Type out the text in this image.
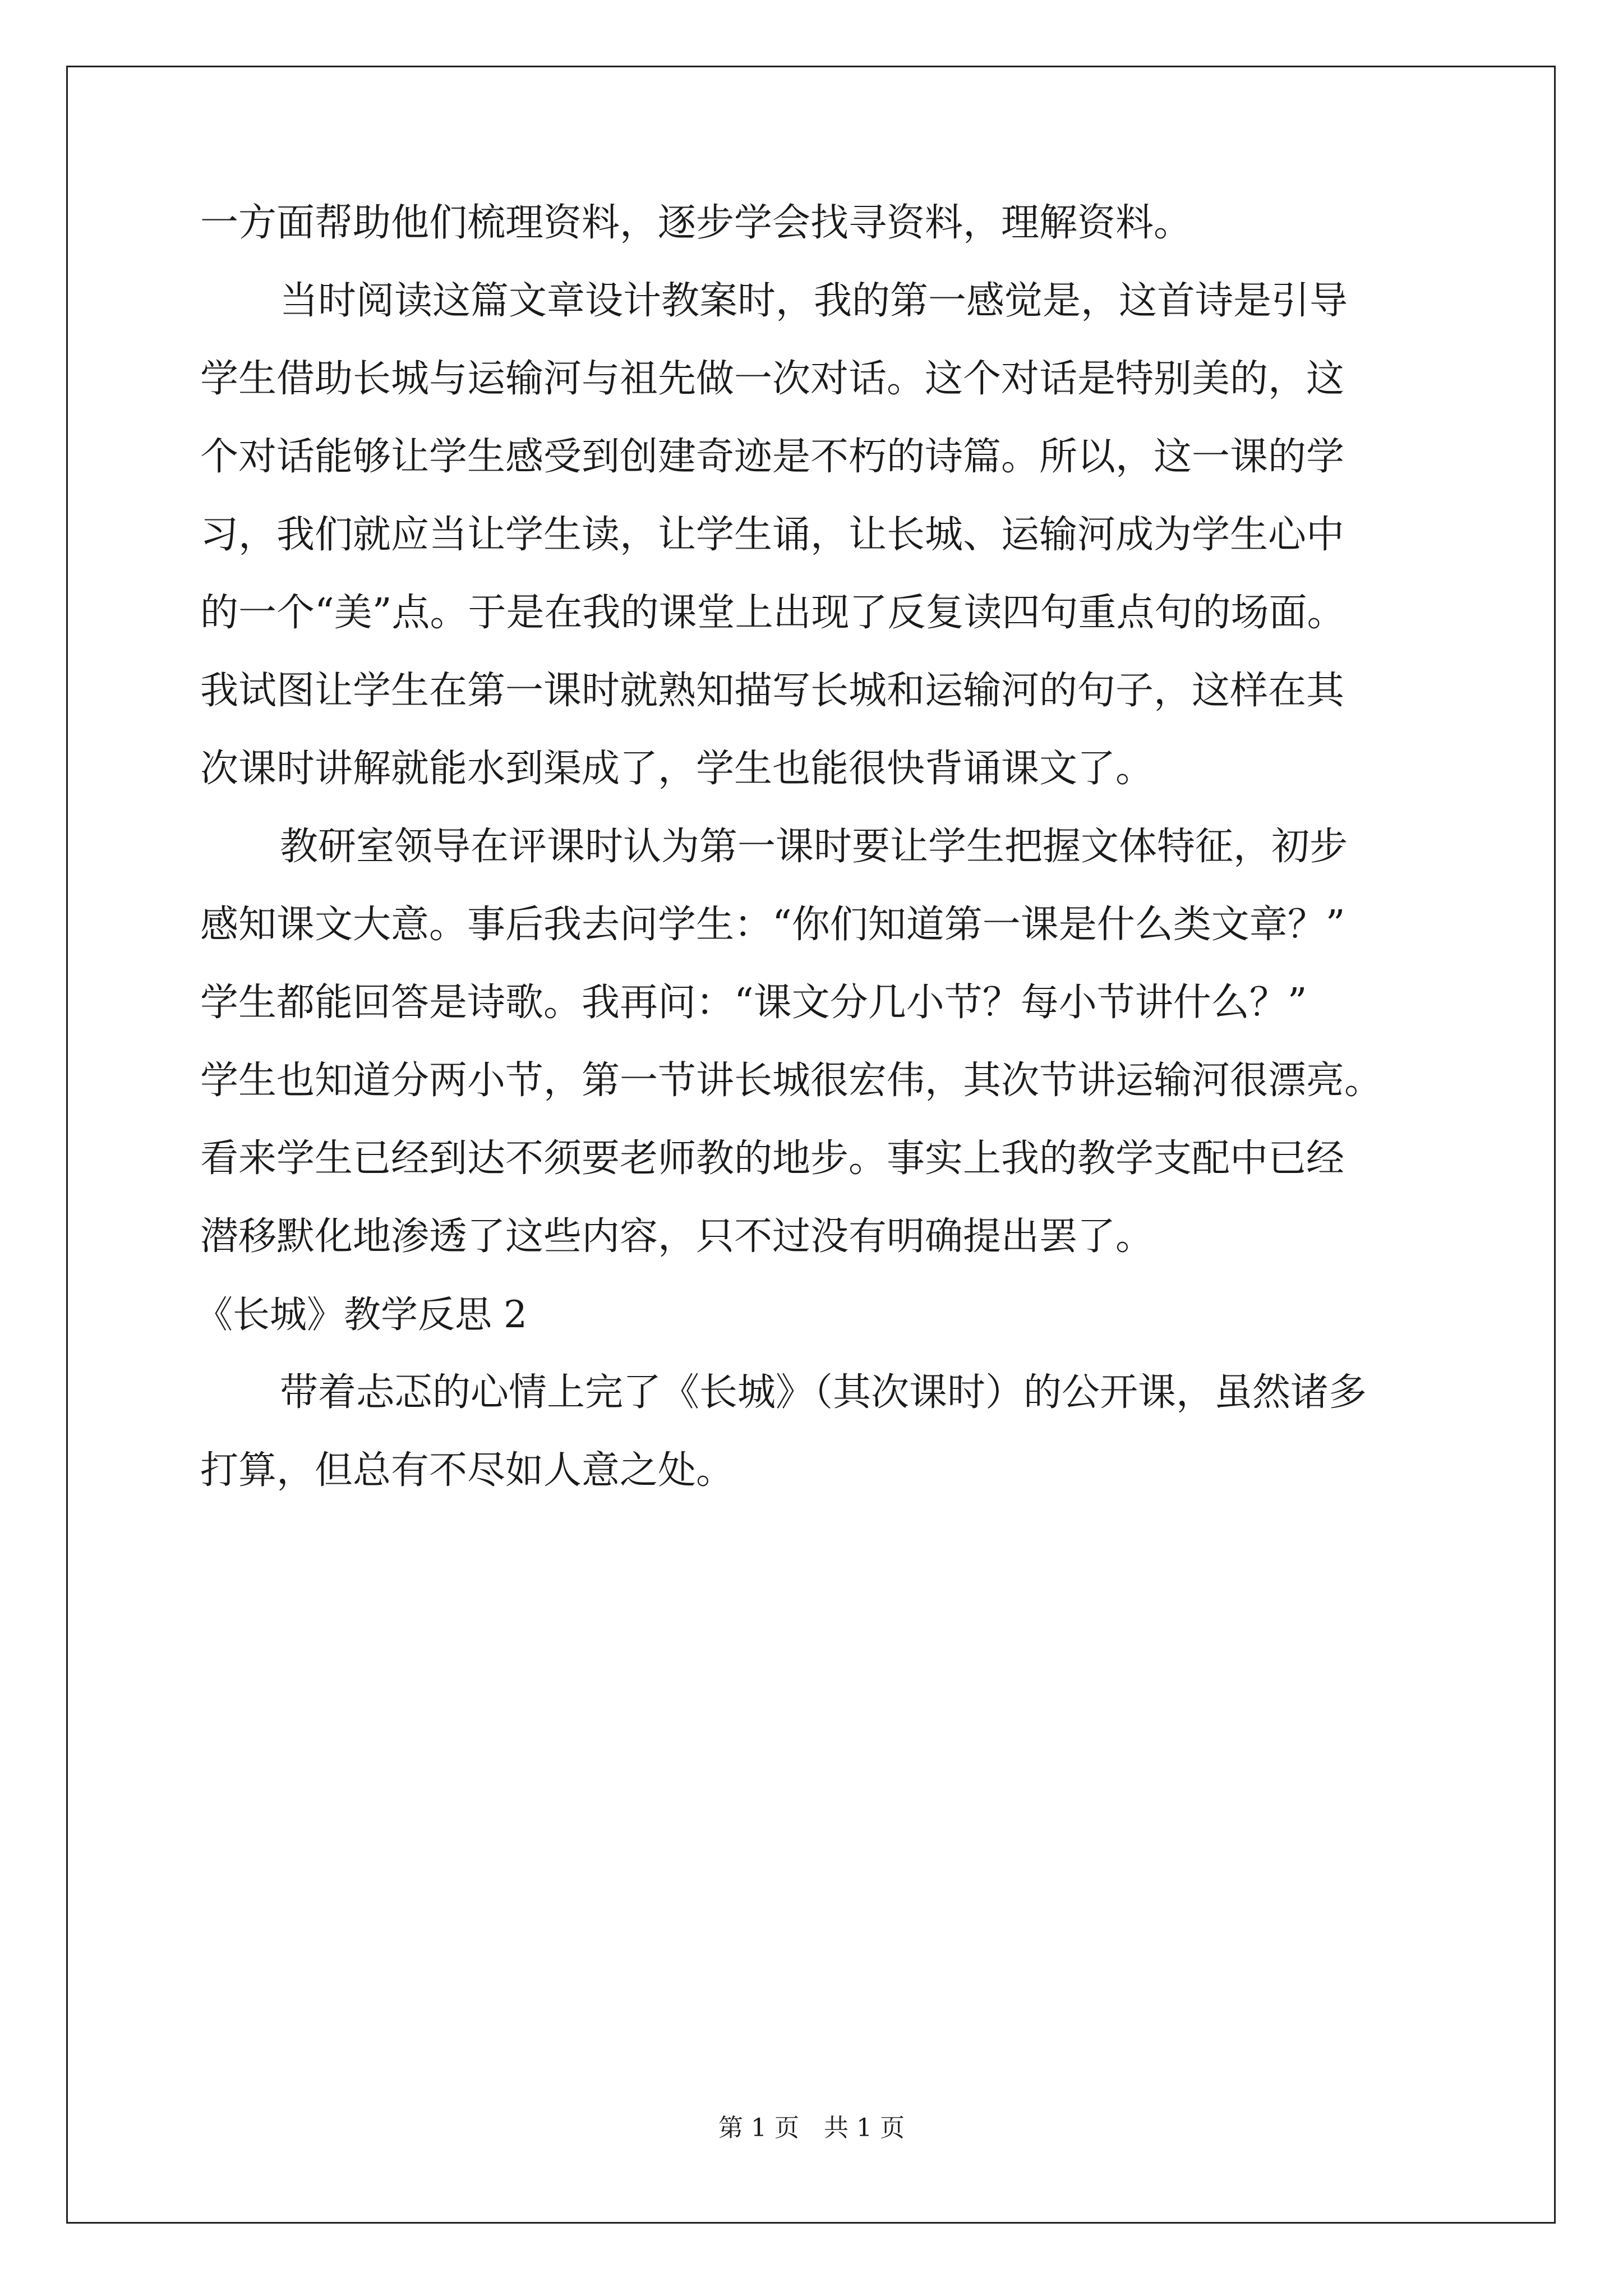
一方面帮助他们梳理资料，逐步学会找寻资料，理解资料。
当时阅读这篇文章设计教案时，我的第一感觉是，这首诗是引导
学生借助长城与运输河与祖先做一次对话。这个对话是特别美的，这
个对话能够让学生感受到创建奇迹是不朽的诗篇。所以，这一课的学
习，我们就应当让学生读，让学生诵，让长城、运输河成为学生心中
的一个“美”点。于是在我的课堂上出现了反复读四句重点句的场面。
我试图让学生在第一课时就熟知描写长城和运输河的句子，这样在其
次课时讲解就能水到渠成了，学生也能很快背诵课文了。
教研室领导在评课时认为第一课时要让学生把握文体特征，初步
感知课文大意。事后我去问学生：“你们知道第一课是什么类文章？”
学生都能回答是诗歌。我再问：“课文分几小节？每小节讲什么？”
学生也知道分两小节，第一节讲长城很宏伟，其次节讲运输河很漂亮。
看来学生已经到达不须要老师教的地步。事实上我的教学支配中已经
潜移默化地渗透了这些内容，只不过没有明确提出罢了。
《长城》教学反思 2
带着忐忑的心情上完了《长城》（其次课时）的公开课，虽然诸多
打算，但总有不尽如人意之处。
第 1 页　共 1 页
